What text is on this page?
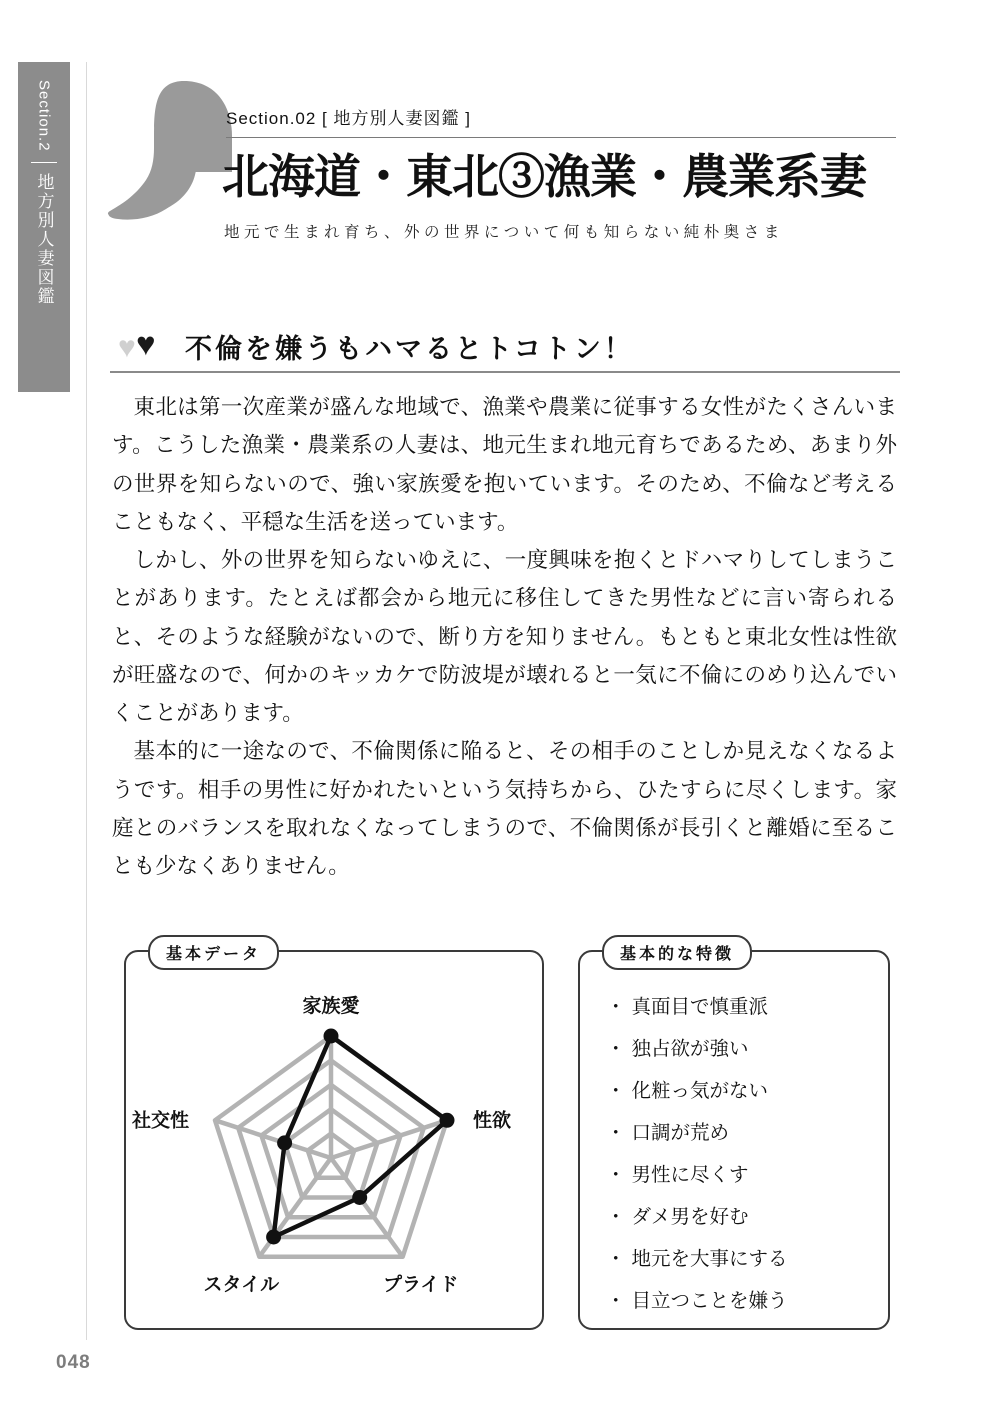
Section.2
地方別人妻図鑑
Section.02 [ 地方別人妻図鑑 ]
北海道・東北③漁業・農業系妻
地元で生まれ育ち、外の世界について何も知らない純朴奥さま
♥ ♥ 不倫を嫌うもハマるとトコトン！

東北は第一次産業が盛んな地域で、漁業や農業に従事する女性がたくさんいます。こうした漁業・農業系の人妻は、地元生まれ地元育ちであるため、あまり外の世界を知らないので、強い家族愛を抱いています。そのため、不倫など考えることもなく、平穏な生活を送っています。

しかし、外の世界を知らないゆえに、一度興味を抱くとドハマりしてしまうことがあります。たとえば都会から地元に移住してきた男性などに言い寄られると、そのような経験がないので、断り方を知りません。もともと東北女性は性欲が旺盛なので、何かのキッカケで防波堤が壊れると一気に不倫にのめり込んでいくことがあります。

基本的に一途なので、不倫関係に陥ると、その相手のことしか見えなくなるようです。相手の男性に好かれたいという気持ちから、ひたすらに尽くします。家庭とのバランスを取れなくなってしまうので、不倫関係が長引くと離婚に至ることも少なくありません。

基本データ
家族愛
性欲
プライド
スタイル
社交性
基本的な特徴
・ 真面目で慎重派
・ 独占欲が強い
・ 化粧っ気がない
・ 口調が荒め
・ 男性に尽くす
・ ダメ男を好む
・ 地元を大事にする
・ 目立つことを嫌う
048
